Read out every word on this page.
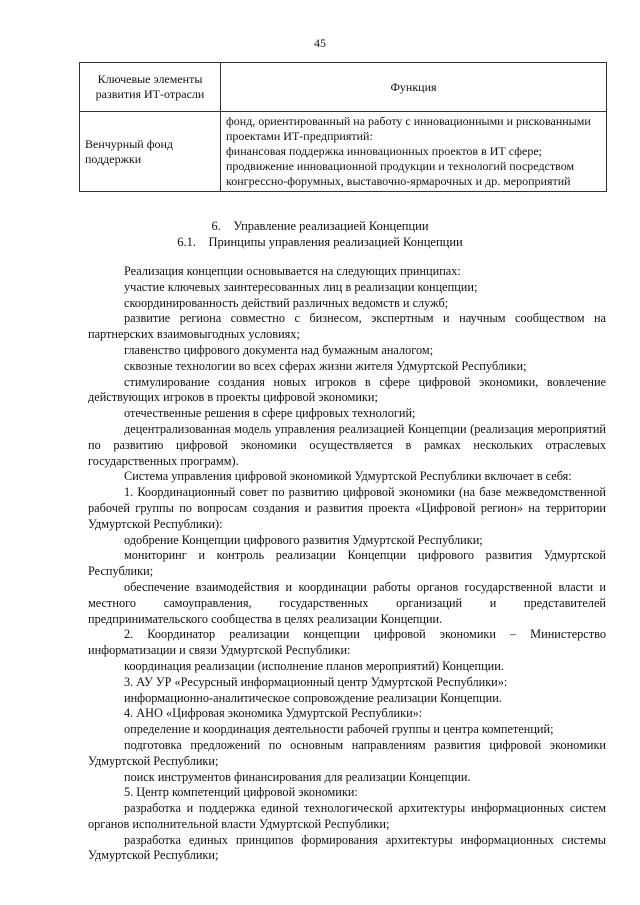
45
Ключевые элементы развития ИТ-отрасли	Функция
Венчурный фонд поддержки	фонд, ориентированный на работу с инновационными и рискованными проектами ИТ-предприятий:
финансовая поддержка инновационных проектов в ИТ сфере;
продвижение инновационной продукции и технологий посредством конгрессно-форумных, выставочно-ярмарочных и др. мероприятий
6. Управление реализацией Концепции
6.1. Принципы управления реализацией Концепции

Реализация концепции основывается на следующих принципах:

участие ключевых заинтересованных лиц в реализации концепции;

скоординированность действий различных ведомств и служб;

развитие региона совместно с бизнесом, экспертным и научным сообществом на партнерских взаимовыгодных условиях;

главенство цифрового документа над бумажным аналогом;

сквозные технологии во всех сферах жизни жителя Удмуртской Республики;

стимулирование создания новых игроков в сфере цифровой экономики, вовлечение действующих игроков в проекты цифровой экономики;

отечественные решения в сфере цифровых технологий;

децентрализованная модель управления реализацией Концепции (реализация мероприятий по развитию цифровой экономики осуществляется в рамках нескольких отраслевых государственных программ).

Система управления цифровой экономикой Удмуртской Республики включает в себя:

1. Координационный совет по развитию цифровой экономики (на базе межведомственной рабочей группы по вопросам создания и развития проекта «Цифровой регион» на территории Удмуртской Республики):

одобрение Концепции цифрового развития Удмуртской Республики;

мониторинг и контроль реализации Концепции цифрового развития Удмуртской Республики;

обеспечение взаимодействия и координации работы органов государственной власти и местного самоуправления, государственных организаций и представителей предпринимательского сообщества в целях реализации Концепции.

2. Координатор реализации концепции цифровой экономики – Министерство информатизации и связи Удмуртской Республики:

координация реализации (исполнение планов мероприятий) Концепции.

3. АУ УР «Ресурсный информационный центр Удмуртской Республики»:

информационно-аналитическое сопровождение реализации Концепции.

4. АНО «Цифровая экономика Удмуртской Республики»:

определение и координация деятельности рабочей группы и центра компетенций;

подготовка предложений по основным направлениям развития цифровой экономики Удмуртской Республики;

поиск инструментов финансирования для реализации Концепции.

5. Центр компетенций цифровой экономики:

разработка и поддержка единой технологической архитектуры информационных систем органов исполнительной власти Удмуртской Республики;

разработка единых принципов формирования архитектуры информационных системы Удмуртской Республики;
